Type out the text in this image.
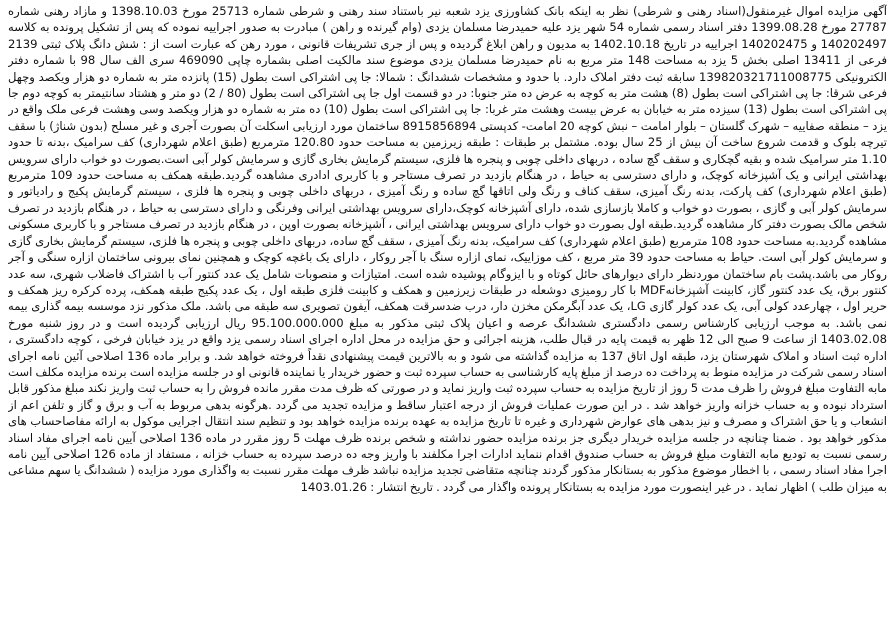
آگهی مزایده اموال غیرمنقول(اسناد رهنی و شرطی) نظر به اینکه بانک کشاورزی یزد شعبه نیر باستناد سند رهنی و شرطی شماره 25713 مورخ 1398.10.03 و مازاد رهنی شماره 27787 مورخ 1399.08.28 دفتر اسناد رسمی شماره 54 شهر یزد علیه حمیدرضا مسلمان یزدی (وام گیرنده و راهن ) مبادرت به صدور اجراییه نموده که پس از تشکیل پرونده به کلاسه 140202497 و 140202475 اجراییه در تاریخ 1402.10.18 به مدیون و راهن ابلاغ گردیده و پس از جری تشریفات قانونی ، مورد رهن که عبارت است از : شش دانگ پلاک ثبتی 2139 فرعی از 13411 اصلی بخش 5 یزد به مساحت 148 متر مربع به نام حمیدرضا مسلمان یزدی موضوع سند مالکیت اصلی بشماره چاپی 469090 سری الف سال 98 با شماره دفتر الکترونیکی 139820321711008775 سابقه ثبت دفتر املاک دارد. با حدود و مشخصات ششدانگ : شمالا: جا پی اشتراکی است بطول (15) پانزده متر به شماره دو هزار ویکصد وچهل فرعی شرقا: جا پی اشتراکی است بطول (8) هشت متر به کوچه به عرض ده متر جنوبا: در دو قسمت اول جا پی اشتراکی است بطول (80 / 2) دو متر و هشتاد سانتیمتر به کوچه دوم جا پی اشتراکی است بطول (13) سیزده متر به خیابان به عرض بیست وهشت متر غربا: جا پی اشتراکی است بطول (10) ده متر به شماره دو هزار ویکصد وسی وهشت فرعی ملک واقع در یزد – منطقه صفاییه – شهرک گلستان – بلوار امامت – نبش کوچه 20 امامت- کدپستی 8915856894 ساختمان مورد ارزیابی اسکلت آن بصورت آجری و غیر مسلح (بدون شناژ) با سقف تیرچه بلوک و قدمت شروع ساخت آن بیش از 25 سال بوده. مشتمل بر طبقات : طبقه زیرزمین به مساحت حدود 120.80 مترمربع (طبق اعلام شهرداری) کف سرامیک ،بدنه تا حدود 1.10 متر سرامیک شده و بقیه گچکاری و سقف گچ ساده ، دربهای داخلی چوبی و پنجره ها فلزی، سیستم گرمایش بخاری گازی و سرمایش کولر آبی است.بصورت دو خواب دارای سرویس بهداشتی ایرانی و یک آشپزخانه کوچک، و دارای دسترسی به حیاط ، در هنگام بازدید در تصرف مستاجر و با کاربری ادادری مشاهده گردید.طبقه همکف به مساحت حدود 109 مترمربع (طبق اعلام شهرداری) کف پارکت، بدنه رنگ آمیزی، سقف کناف و رنگ ولی اتاقها گچ ساده و رنگ آمیزی ، دربهای داخلی چوبی و پنجره ها فلزی ، سیستم گرمایش پکیج و رادیاتور و سرمایش کولر آبی و گازی ، بصورت دو خواب و کاملا بازسازی شده، دارای آشپزخانه کوچک،دارای سرویس بهداشتی ایرانی وفرنگی و دارای دسترسی به حیاط ، در هنگام بازدید در تصرف شخص مالک بصورت دفتر کار مشاهده گردید.طبقه اول بصورت دو خواب دارای سرویس بهداشتی ایرانی ، آشپزخانه بصورت اوپن ، در هنگام بازدید در تصرف مستاجر و با کاربری مسکونی مشاهده گردید.به مساحت حدود 108 مترمربع (طبق اعلام شهرداری) کف سرامیک، بدنه رنگ آمیزی ، سقف گچ ساده، دربهای داخلی چوبی و پنجره ها فلزی، سیستم گرمایش بخاری گازی و سرمایش کولر آبی است. حیاط به مساحت حدود 39 متر مربع ، کف موزاییک، نمای ازاره سنگ با آجر روکار ، دارای یک باغچه کوچک و همچنین نمای بیرونی ساختمان ازاره سنگی و آجر روکار می باشد.پشت بام ساختمان موردنظر دارای دیوارهای حائل کوتاه و با ایزوگام پوشیده شده است. امتیازات و منصوبات شامل یک عدد کنتور آب با اشتراک فاضلاب شهری، سه عدد کنتور برق، یک عدد کنتور گاز، کابینت آشپزخانهMDF با کار رومیزی دوشعله در طبقات زیرزمین و همکف و کابینت فلزی طبقه اول ، یک عدد پکیج طبقه همکف، پرده کرکره ریز همکف و حریر اول ، چهارعدد کولی آبی، یک عدد کولر گازی LG، یک عدد آبگرمکن مخزن دار، درب ضدسرقت همکف، آیفون تصویری سه طبقه می باشد. ملک مذکور نزد موسسه بیمه گذاری بیمه نمی باشد. به موجب ارزیابی کارشناس رسمی دادگستری ششدانگ عرصه و اعیان پلاک ثبتی مذکور به مبلغ 95.100.000.000 ریال ارزیابی گردیده است و در روز شنبه مورخ 1403.02.08 از ساعت 9 صبح الی 12 ظهر به قیمت پایه در قبال طلب، هزینه اجرائی و حق مزایده در محل اداره اجرای اسناد رسمی یزد واقع در یزد خیابان فرخی ، کوچه دادگستری ، اداره ثبت اسناد و املاک شهرستان یزد، طبقه اول اتاق 137 به مزایده گذاشته می شود و به بالاترین قیمت پیشنهادی نقداً فروخته خواهد شد. و برابر ماده 136 اصلاحی آئین نامه اجرای اسناد رسمی شرکت در مزایده منوط به پرداخت ده درصد از مبلغ پایه کارشناسی به حساب سپرده ثبت و حضور خریدار یا نماینده قانونی او در جلسه مزایده است برنده مزایده مکلف است مابه التفاوت مبلغ فروش را ظرف مدت 5 روز از تاریخ مزایده به حساب سپرده ثبت واریز نماید و در صورتی که ظرف مدت مقرر مانده فروش را به حساب ثبت واریز نکند مبلغ مذکور قابل استرداد نبوده و به حساب خزانه واریز خواهد شد . در این صورت عملیات فروش از درجه اعتبار ساقط و مزایده تجدید می گردد .هرگونه بدهی مربوط به آب و برق و گاز و تلفن اعم از انشعاب و یا حق اشتراک و مصرف و نیز بدهی های عوارض شهرداری و غیره تا تاریخ مزایده به عهده برنده مزایده خواهد بود و تنظیم سند انتقال اجرایی موکول به ارائه مفاصاحساب های مذکور خواهد بود . ضمنا چنانچه در جلسه مزایده خریدار دیگری جز برنده مزایده حضور نداشته و شخص برنده ظرف مهلت 5 روز مقرر در ماده 136 اصلاحی آیین نامه اجرای مفاد اسناد رسمی نسبت به تودیع مابه التفاوت مبلغ فروش به حساب صندوق اقدام ننماید ادارات اجرا مکلفند با واریز وجه ده درصد سپرده به حساب خزانه ، مستفاد از ماده 126 اصلاحی آیین نامه اجرا مفاد اسناد رسمی ، با اخطار موضوع مذکور به بستانکار مذکور گردند چنانچه متقاضی تجدید مزایده نباشد ظرف مهلت مقرر نسبت به واگذاری مورد مزایده ( ششدانگ یا سهم مشاعی به میزان طلب ) اظهار نماید . در غیر اینصورت مورد مزایده به بستانکار پرونده واگذار می گردد . تاریخ انتشار : 1403.01.26
